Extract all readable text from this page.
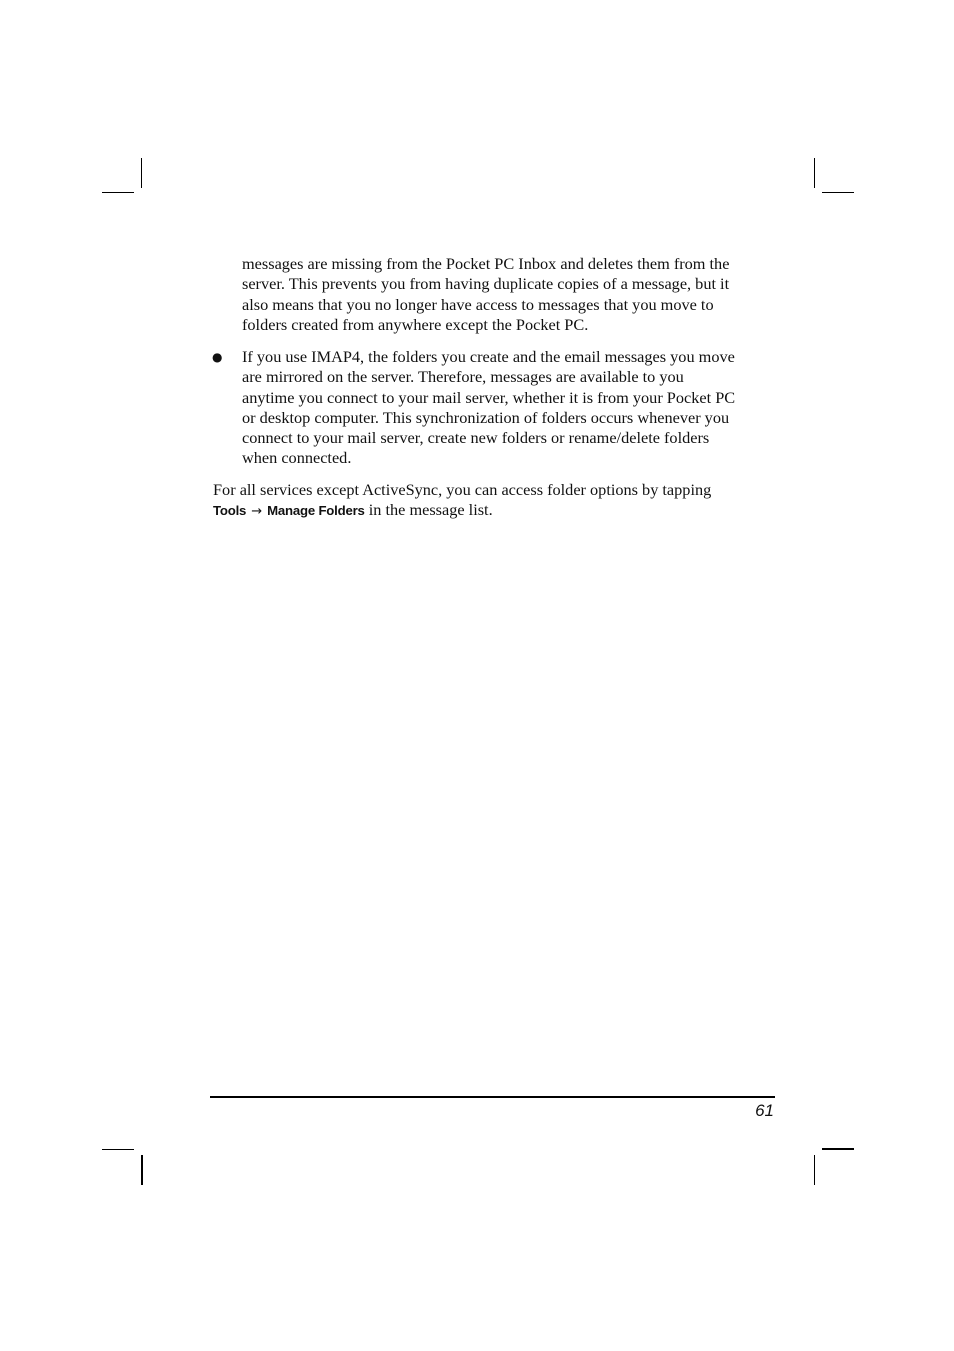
messages are missing from the Pocket PC Inbox and deletes them from the
server. This prevents you from having duplicate copies of a message, but it
also means that you no longer have access to messages that you move to
folders created from anywhere except the Pocket PC.
● If you use IMAP4, the folders you create and the email messages you move
are mirrored on the server. Therefore, messages are available to you
anytime you connect to your mail server, whether it is from your Pocket PC
or desktop computer. This synchronization of folders occurs whenever you
connect to your mail server, create new folders or rename/delete folders
when connected.
For all services except ActiveSync, you can access folder options by tapping
Tools → Manage Folders in the message list.
61
